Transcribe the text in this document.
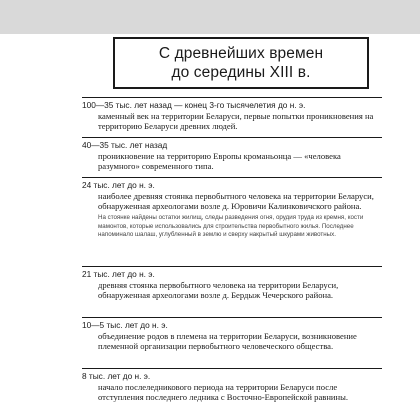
С древнейших времен
до середины XIII в.
100—35 тыс. лет назад — конец 3-го тысячелетия до н. э.
каменный век на территории Беларуси, первые попытки проникновения на территорию Беларуси древних людей.
40—35 тыс. лет назад
проникновение на территорию Европы кроманьонца — «человека разумного» современного типа.
24 тыс. лет до н. э.
наиболее древняя стоянка первобытного человека на территории Беларуси, обнаруженная археологами возле д. Юровичи Калинковичского района.
На стоянке найдены остатки жилищ, следы разведения огня, орудия труда из кремня, кости мамонтов, которые использовались для строительства первобытного жилья. Последнее напоминало шалаш, углубленный в землю и сверху накрытый шкурами животных.
21 тыс. лет до н. э.
древняя стоянка первобытного человека на территории Беларуси, обнаруженная археологами возле д. Бердыж Чечерского района.
10—5 тыс. лет до н. э.
объединение родов в племена на территории Беларуси, возникновение племенной организации первобытного человеческого общества.
8 тыс. лет до н. э.
начало послеледникового периода на территории Беларуси после отступления последнего ледника с Восточно-Европейской равнины.
